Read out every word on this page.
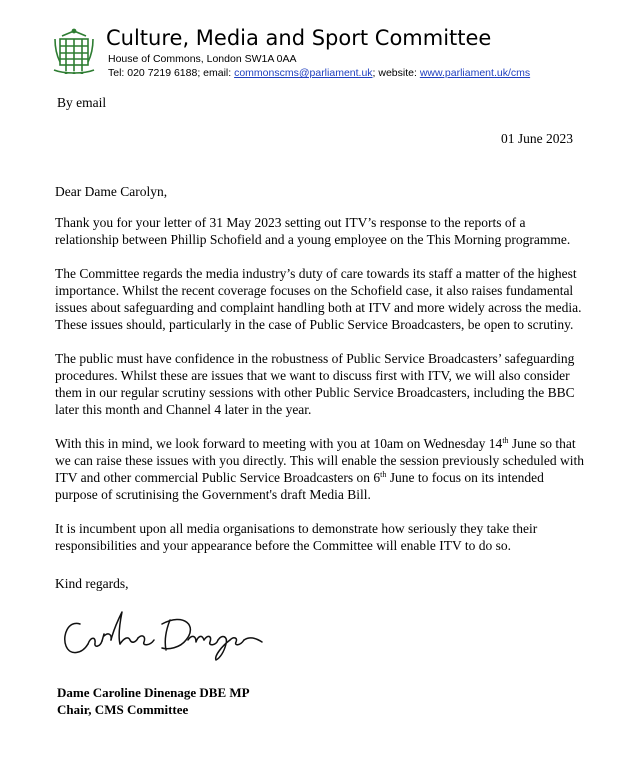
Culture, Media and Sport Committee
House of Commons, London SW1A 0AA
Tel: 020 7219 6188; email: commonscms@parliament.uk; website: www.parliament.uk/cms
By email
01 June 2023
Dear Dame Carolyn,

Thank you for your letter of 31 May 2023 setting out ITV’s response to the reports of a relationship between Phillip Schofield and a young employee on the This Morning programme.

The Committee regards the media industry’s duty of care towards its staff a matter of the highest importance. Whilst the recent coverage focuses on the Schofield case, it also raises fundamental issues about safeguarding and complaint handling both at ITV and more widely across the media. These issues should, particularly in the case of Public Service Broadcasters, be open to scrutiny.

The public must have confidence in the robustness of Public Service Broadcasters’ safeguarding procedures. Whilst these are issues that we want to discuss first with ITV, we will also consider them in our regular scrutiny sessions with other Public Service Broadcasters, including the BBC later this month and Channel 4 later in the year.

With this in mind, we look forward to meeting with you at 10am on Wednesday 14th June so that we can raise these issues with you directly. This will enable the session previously scheduled with ITV and other commercial Public Service Broadcasters on 6th June to focus on its intended purpose of scrutinising the Government's draft Media Bill.

It is incumbent upon all media organisations to demonstrate how seriously they take their responsibilities and your appearance before the Committee will enable ITV to do so.

Kind regards,
Dame Caroline Dinenage DBE MP
Chair, CMS Committee
